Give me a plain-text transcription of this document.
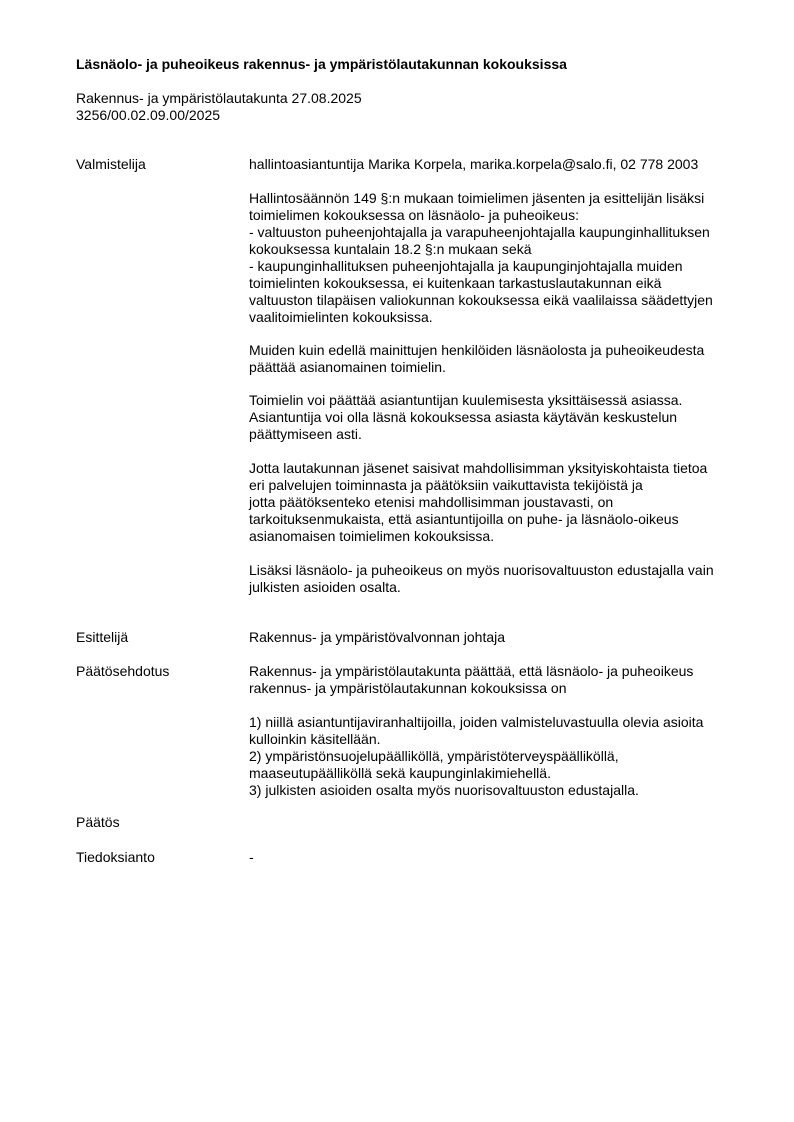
Läsnäolo- ja puheoikeus rakennus- ja ympäristölautakunnan kokouksissa
Rakennus- ja ympäristölautakunta 27.08.2025
3256/00.02.09.00/2025
Valmistelija	hallintoasiantuntija Marika Korpela, marika.korpela@salo.fi, 02 778 2003
Hallintosäännön 149 §:n mukaan toimielimen jäsenten ja esittelijän lisäksi
toimielimen kokouksessa on läsnäolo- ja puheoikeus:
- valtuuston puheenjohtajalla ja varapuheenjohtajalla kaupunginhallituksen
kokouksessa kuntalain 18.2 §:n mukaan sekä
- kaupunginhallituksen puheenjohtajalla ja kaupunginjohtajalla muiden
toimielinten kokouksessa, ei kuitenkaan tarkastuslautakunnan eikä
valtuuston tilapäisen valiokunnan kokouksessa eikä vaalilaissa säädettyjen
vaalitoimielinten kokouksissa.
Muiden kuin edellä mainittujen henkilöiden läsnäolosta ja puheoikeudesta
päättää asianomainen toimielin.
Toimielin voi päättää asiantuntijan kuulemisesta yksittäisessä asiassa.
Asiantuntija voi olla läsnä kokouksessa asiasta käytävän keskustelun
päättymiseen asti.
Jotta lautakunnan jäsenet saisivat mahdollisimman yksityiskohtaista tietoa
eri palvelujen toiminnasta ja päätöksiin vaikuttavista tekijöistä ja
jotta päätöksenteko etenisi mahdollisimman joustavasti, on
tarkoituksenmukaista, että asiantuntijoilla on puhe- ja läsnäolo-oikeus
asianomaisen toimielimen kokouksissa.
Lisäksi läsnäolo- ja puheoikeus on myös nuorisovaltuuston edustajalla vain
julkisten asioiden osalta.
Esittelijä	Rakennus- ja ympäristövalvonnan johtaja
Päätösehdotus	Rakennus- ja ympäristölautakunta päättää, että läsnäolo- ja puheoikeus
rakennus- ja ympäristölautakunnan kokouksissa on
1) niillä asiantuntijaviranhaltijoilla, joiden valmisteluvastuulla olevia asioita
kulloinkin käsitellään.
2) ympäristönsuojelupäälliköllä, ympäristöterveyspäälliköllä,
maaseutupäälliköllä sekä kaupunginlakimiehellä.
3) julkisten asioiden osalta myös nuorisovaltuuston edustajalla.
Päätös
Tiedoksianto	-
